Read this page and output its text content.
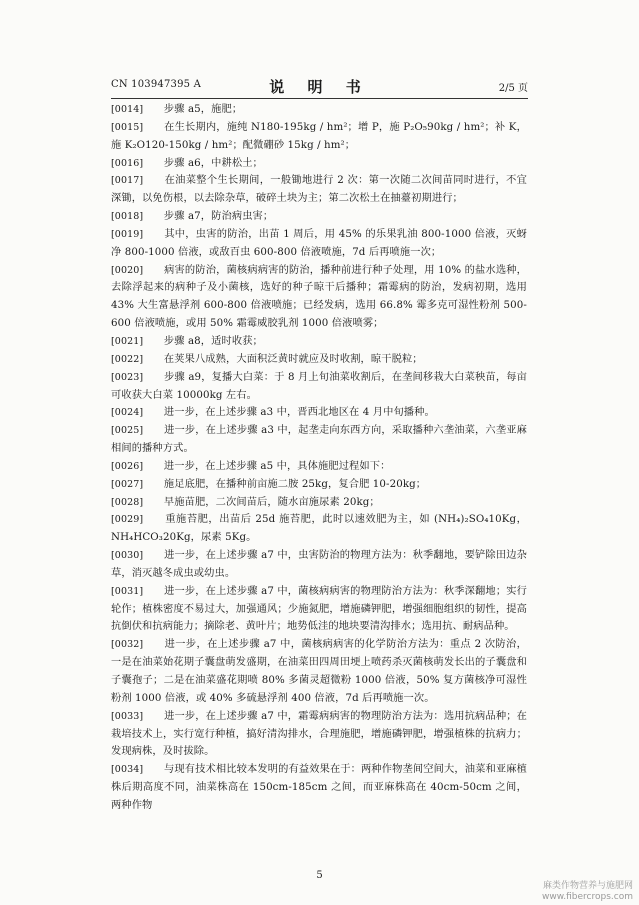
CN 103947395 A	说 明 书	2/5 页

[0014]　　步骤 a5，施肥；

[0015]　　在生长期内，施纯 N180-195kg / hm²；增 P，施 P₂O₅90kg / hm²；补 K，施 K₂O120-150kg / hm²；配微硼砂 15kg / hm²；

[0016]　　步骤 a6，中耕松土；

[0017]　　在油菜整个生长期间，一般锄地进行 2 次：第一次随二次间苗同时进行，不宜深锄，以免伤根，以去除杂草，破碎土块为主；第二次松土在抽薹初期进行；

[0018]　　步骤 a7，防治病虫害；

[0019]　　其中，虫害的防治，出苗 1 周后，用 45% 的乐果乳油 800-1000 倍液，灭蚜净 800-1000 倍液，或敌百虫 600-800 倍液喷施，7d 后再喷施一次；

[0020]　　病害的防治，菌核病病害的防治，播种前进行种子处理，用 10% 的盐水选种，去除浮起来的病种子及小菌核，选好的种子晾干后播种；霜霉病的防治，发病初期，选用 43% 大生富悬浮剂 600-800 倍液喷施；已经发病，选用 66.8% 霉多克可湿性粉剂 500-600 倍液喷施，或用 50% 霜霉威胶乳剂 1000 倍液喷雾；

[0021]　　步骤 a8，适时收获；

[0022]　　在荚果八成熟，大面积泛黄时就应及时收割，晾干脱粒；

[0023]　　步骤 a9，复播大白菜：于 8 月上旬油菜收割后，在垄间移栽大白菜秧苗，每亩可收获大白菜 10000kg 左右。

[0024]　　进一步，在上述步骤 a3 中，晋西北地区在 4 月中旬播种。

[0025]　　进一步，在上述步骤 a3 中，起垄走向东西方向，采取播种六垄油菜，六垄亚麻相间的播种方式。

[0026]　　进一步，在上述步骤 a5 中，具体施肥过程如下：

[0027]　　施足底肥，在播种前亩施二胺 25kg，复合肥 10-20kg；

[0028]　　早施苗肥，二次间苗后，随水亩施尿素 20kg；

[0029]　　重施苔肥，出苗后 25d 施苔肥，此时以速效肥为主，如 (NH₄)₂SO₄10Kg，NH₄HCO₃20Kg，尿素 5Kg。

[0030]　　进一步，在上述步骤 a7 中，虫害防治的物理方法为：秋季翻地，要铲除田边杂草，消灭越冬成虫或幼虫。

[0031]　　进一步，在上述步骤 a7 中，菌核病病害的物理防治方法为：秋季深翻地；实行轮作；植株密度不易过大，加强通风；少施氮肥，增施磷钾肥，增强细胞组织的韧性，提高抗倒伏和抗病能力；摘除老、黄叶片；地势低洼的地块要清沟排水；选用抗、耐病品种。

[0032]　　进一步，在上述步骤 a7 中，菌核病病害的化学防治方法为：重点 2 次防治，一是在油菜始花期子囊盘萌发盛期，在油菜田四周田埂上喷药杀灭菌核萌发长出的子囊盘和子囊孢子；二是在油菜盛花期喷 80% 多菌灵超微粉 1000 倍液，50% 复方菌核净可湿性粉剂 1000 倍液，或 40% 多硫悬浮剂 400 倍液，7d 后再喷施一次。

[0033]　　进一步，在上述步骤 a7 中，霜霉病病害的物理防治方法为：选用抗病品种；在栽培技术上，实行宽行种植，搞好清沟排水，合理施肥，增施磷钾肥，增强植株的抗病力；发现病株，及时拔除。

[0034]　　与现有技术相比较本发明的有益效果在于：两种作物垄间空间大，油菜和亚麻植株后期高度不同，油菜株高在 150cm-185cm 之间，而亚麻株高在 40cm-50cm 之间，两种作物

5
麻类作物营养与施肥网
www.fibercrops.com
